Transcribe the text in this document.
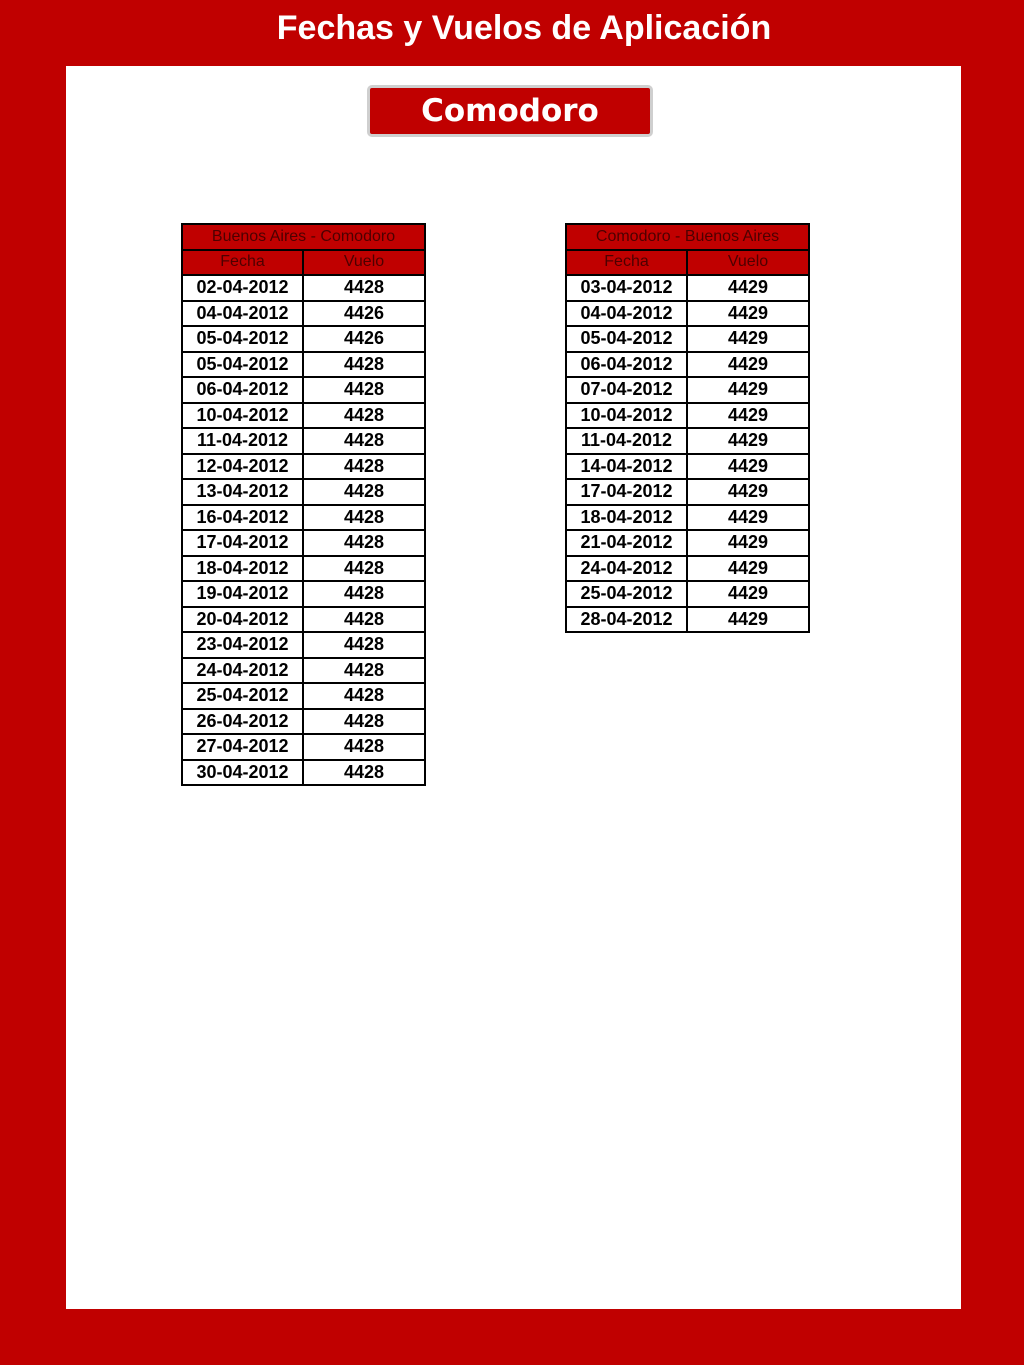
Fechas y Vuelos de Aplicación
Comodoro
Buenos Aires - Comodoro	
Fecha	Vuelo
02-04-2012	4428
04-04-2012	4426
05-04-2012	4426
05-04-2012	4428
06-04-2012	4428
10-04-2012	4428
11-04-2012	4428
12-04-2012	4428
13-04-2012	4428
16-04-2012	4428
17-04-2012	4428
18-04-2012	4428
19-04-2012	4428
20-04-2012	4428
23-04-2012	4428
24-04-2012	4428
25-04-2012	4428
26-04-2012	4428
27-04-2012	4428
30-04-2012	4428
Comodoro - Buenos Aires	
Fecha	Vuelo
03-04-2012	4429
04-04-2012	4429
05-04-2012	4429
06-04-2012	4429
07-04-2012	4429
10-04-2012	4429
11-04-2012	4429
14-04-2012	4429
17-04-2012	4429
18-04-2012	4429
21-04-2012	4429
24-04-2012	4429
25-04-2012	4429
28-04-2012	4429
